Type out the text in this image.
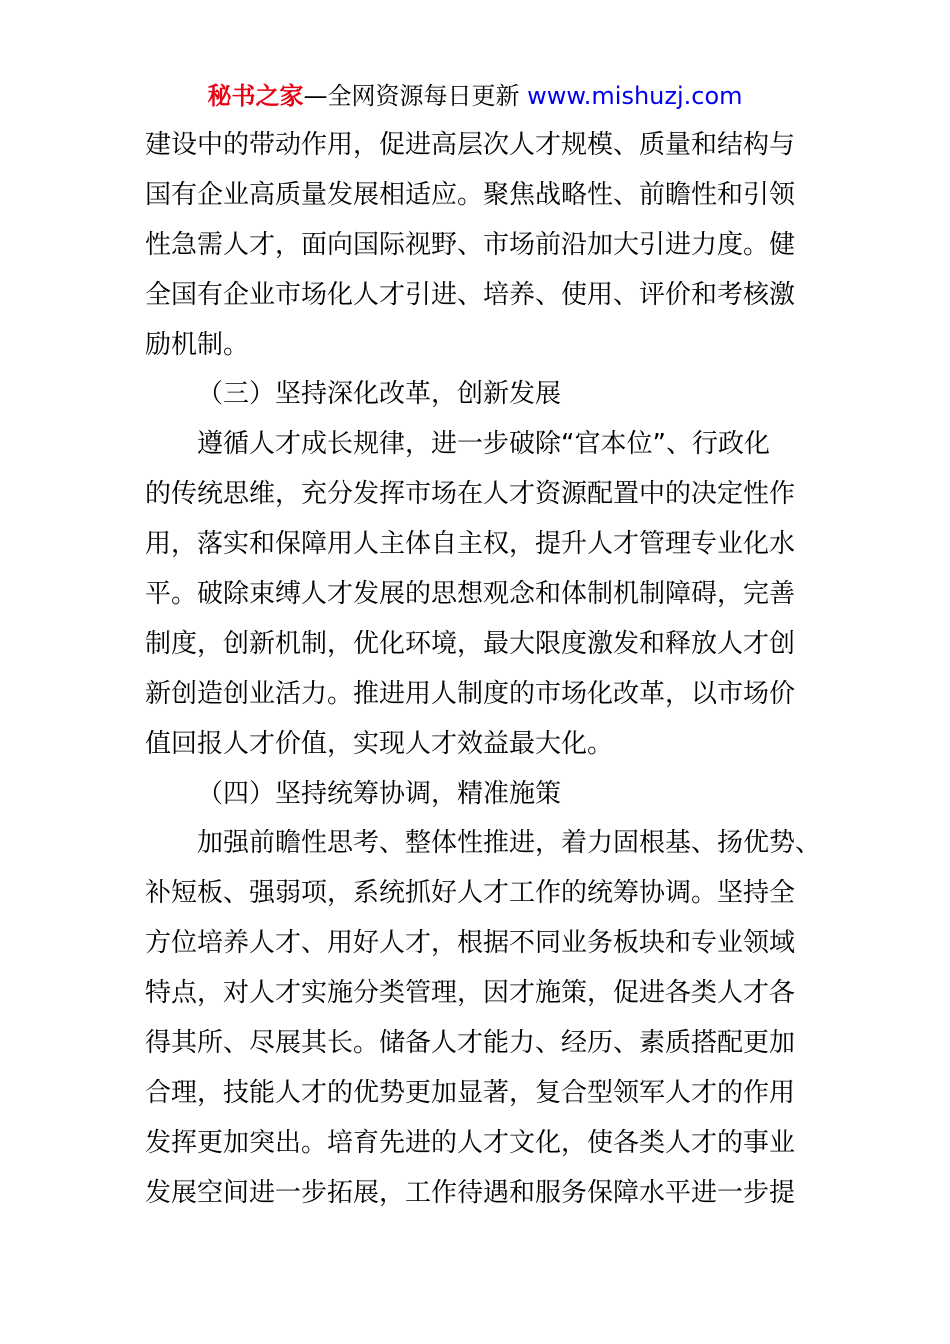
秘书之家—全网资源每日更新 www.mishuzj.com
建设中的带动作用，促进高层次人才规模、质量和结构与
国有企业高质量发展相适应。聚焦战略性、前瞻性和引领
性急需人才，面向国际视野、市场前沿加大引进力度。健
全国有企业市场化人才引进、培养、使用、评价和考核激
励机制。
（三）坚持深化改革，创新发展
遵循人才成长规律，进一步破除“官本位”、行政化
的传统思维，充分发挥市场在人才资源配置中的决定性作
用，落实和保障用人主体自主权，提升人才管理专业化水
平。破除束缚人才发展的思想观念和体制机制障碍，完善
制度，创新机制，优化环境，最大限度激发和释放人才创
新创造创业活力。推进用人制度的市场化改革，以市场价
值回报人才价值，实现人才效益最大化。
（四）坚持统筹协调，精准施策
加强前瞻性思考、整体性推进，着力固根基、扬优势、
补短板、强弱项，系统抓好人才工作的统筹协调。坚持全
方位培养人才、用好人才，根据不同业务板块和专业领域
特点，对人才实施分类管理，因才施策，促进各类人才各
得其所、尽展其长。储备人才能力、经历、素质搭配更加
合理，技能人才的优势更加显著，复合型领军人才的作用
发挥更加突出。培育先进的人才文化，使各类人才的事业
发展空间进一步拓展，工作待遇和服务保障水平进一步提
